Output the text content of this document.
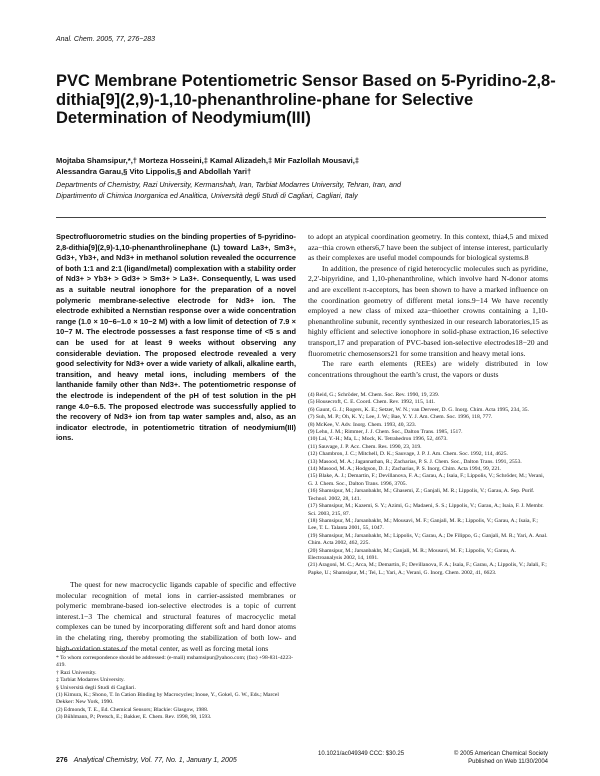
Anal. Chem. 2005, 77, 276−283
PVC Membrane Potentiometric Sensor Based on 5-Pyridino-2,8-dithia[9](2,9)-1,10-phenanthroline-phane for Selective Determination of Neodymium(III)
Mojtaba Shamsipur,*,† Morteza Hosseini,‡ Kamal Alizadeh,‡ Mir Fazlollah Mousavi,‡
Alessandra Garau,§ Vito Lippolis,§ and Abdollah Yari†
Departments of Chemistry, Razi University, Kermanshah, Iran, Tarbiat Modarres University, Tehran, Iran, and
Dipartimento di Chimica Inorganica ed Analitica, Università degli Studi di Cagliari, Cagliari, Italy
Spectrofluorometric studies on the binding properties of 5-pyridino-2,8-dithia[9](2,9)-1,10-phenanthrolinephane (L) toward La3+, Sm3+, Gd3+, Yb3+, and Nd3+ in methanol solution revealed the occurrence of both 1:1 and 2:1 (ligand/metal) complexation with a stability order of Nd3+ > Yb3+ > Gd3+ > Sm3+ > La3+. Consequently, L was used as a suitable neutral ionophore for the preparation of a novel polymeric membrane-selective electrode for Nd3+ ion. The electrode exhibited a Nernstian response over a wide concentration range (1.0 × 10−6–1.0 × 10−2 M) with a low limit of detection of 7.9 × 10−7 M. The electrode possesses a fast response time of <5 s and can be used for at least 9 weeks without observing any considerable deviation. The proposed electrode revealed a very good selectivity for Nd3+ over a wide variety of alkali, alkaline earth, transition, and heavy metal ions, including members of the lanthanide family other than Nd3+. The potentiometric response of the electrode is independent of the pH of test solution in the pH range 4.0−6.5. The proposed electrode was successfully applied to the recovery of Nd3+ ion from tap water samples and, also, as an indicator electrode, in potentiometric titration of neodymium(III) ions.

The quest for new macrocyclic ligands capable of specific and effective molecular recognition of metal ions in carrier-assisted membranes or polymeric membrane-based ion-selective electrodes is a topic of current interest.1−3 The chemical and structural features of macrocyclic metal complexes can be tuned by incorporating different soft and hard donor atoms in the chelating ring, thereby promoting the stabilization of both low- and high-oxidation states of the metal center, as well as forcing metal ions

* To whom correspondence should be addressed: (e-mail) mshamsipur@yahoo.com; (fax) +98-831-4223-419.
† Razi University.
‡ Tarbiat Modarres University.
§ Università degli Studi di Cagliari.
(1) Kimura, K.; Shono, T. In Cation Binding by Macrocycles; Inoue, Y., Gokel, G. W., Eds.; Marcel Dekker: New York, 1990.
(2) Edmonds, T. E., Ed. Chemical Sensors; Blackie: Glasgow, 1988.
(3) Bühlmann, P.; Pretsch, E.; Bakker, E. Chem. Rev. 1998, 98, 1593.

to adopt an atypical coordination geometry. In this context, thia4,5 and mixed aza−thia crown ethers6,7 have been the subject of intense interest, particularly as their complexes are useful model compounds for biological systems.8

In addition, the presence of rigid heterocyclic molecules such as pyridine, 2,2′-bipyridine, and 1,10-phenanthroline, which involve hard N-donor atoms and are excellent π-acceptors, has been shown to have a marked influence on the coordination geometry of different metal ions.9−14 We have recently employed a new class of mixed aza−thioether crowns containing a 1,10-phenanthroline subunit, recently synthesized in our research laboratories,15 as highly efficient and selective ionophore in solid-phase extraction,16 selective transport,17 and preparation of PVC-based ion-selective electrodes18−20 and fluorometric chemosensors21 for some transition and heavy metal ions.

The rare earth elements (REEs) are widely distributed in low concentrations throughout the earth’s crust, the vapors or dusts

(4) Reid, G.; Schröder, M. Chem. Soc. Rev. 1990, 19, 239.
(5) Housecroft, C. E. Coord. Chem. Rev. 1992, 115, 141.
(6) Gaunt, G. J.; Rogers, K. E.; Setzer, W. N.; van Derveer, D. G. Inorg. Chim. Acta 1995, 234, 35.
(7) Suh, M. P.; Oh, K. Y.; Lee, J. W.; Bae, Y. Y. J. Am. Chem. Soc. 1996, 118, 777.
(8) McKee, V. Adv. Inorg. Chem. 1993, 40, 323.
(9) Lehn, J. M.; Rimmer, J. J. Chem. Soc., Dalton Trans. 1985, 1517.
(10) Lai, Y.-H.; Ma, L.; Mock, K. Tetrahedron 1996, 52, 4673.
(11) Sauvage, J. P. Acc. Chem. Res. 1990, 23, 319.
(12) Chambron, J. C.; Mitchell, D. K.; Sauvage, J. P. J. Am. Chem. Soc. 1992, 114, 4625.
(13) Masood, M. A.; Jagannathan, R.; Zacharias, P. S. J. Chem. Soc., Dalton Trans. 1991, 2553.
(14) Masood, M. A.; Hodgson, D. J.; Zacharias, P. S. Inorg. Chim. Acta 1994, 99, 221.
(15) Blake, A. J.; Demartin, F.; Devillanova, F. A.; Garau, A.; Isaia, F.; Lippolis, V.; Schröder, M.; Verani, G. J. Chem. Soc., Dalton Trans. 1996, 3705.
(16) Shamsipur, M.; Jarsanbakht, M.; Ghasemi, Z.; Ganjali, M. R.; Lippolis, V.; Garau, A. Sep. Purif. Technol. 2002, 28, 141.
(17) Shamsipur, M.; Kazemi, S. Y.; Azimi, G.; Madaeni, S. S.; Lippolis, V.; Garau, A.; Isaia, F. J. Membr. Sci. 2003, 215, 87.
(18) Shamsipur, M.; Jarsanbakht, M.; Mousavi, M. F.; Ganjali, M. R.; Lippolis, V.; Garau, A.; Isaia, F.; Lee, T. L. Talanta 2001, 55, 1047.
(19) Shamsipur, M.; Jarsanbakht, M.; Lippolis, V.; Garau, A.; De Filippo, G.; Ganjali, M. R.; Yari, A. Anal. Chim. Acta 2002, 462, 225.
(20) Shamsipur, M.; Jarsanbakht, M.; Ganjali, M. R.; Mousavi, M. F.; Lippolis, V.; Garau, A. Electroanalysis 2002, 14, 1691.
(21) Aragoni, M. C.; Arca, M.; Demartin, F.; Devillanova, F. A.; Isaia, F.; Garau, A.; Lippolis, V.; Jalali, F.; Papke, U.; Shamsipur, M.; Tei, L.; Yari, A.; Verani, G. Inorg. Chem. 2002, 41, 6623.
276 Analytical Chemistry, Vol. 77, No. 1, January 1, 2005
10.1021/ac049349 CCC: $30.25	© 2005 American Chemical Society
Published on Web 11/30/2004
